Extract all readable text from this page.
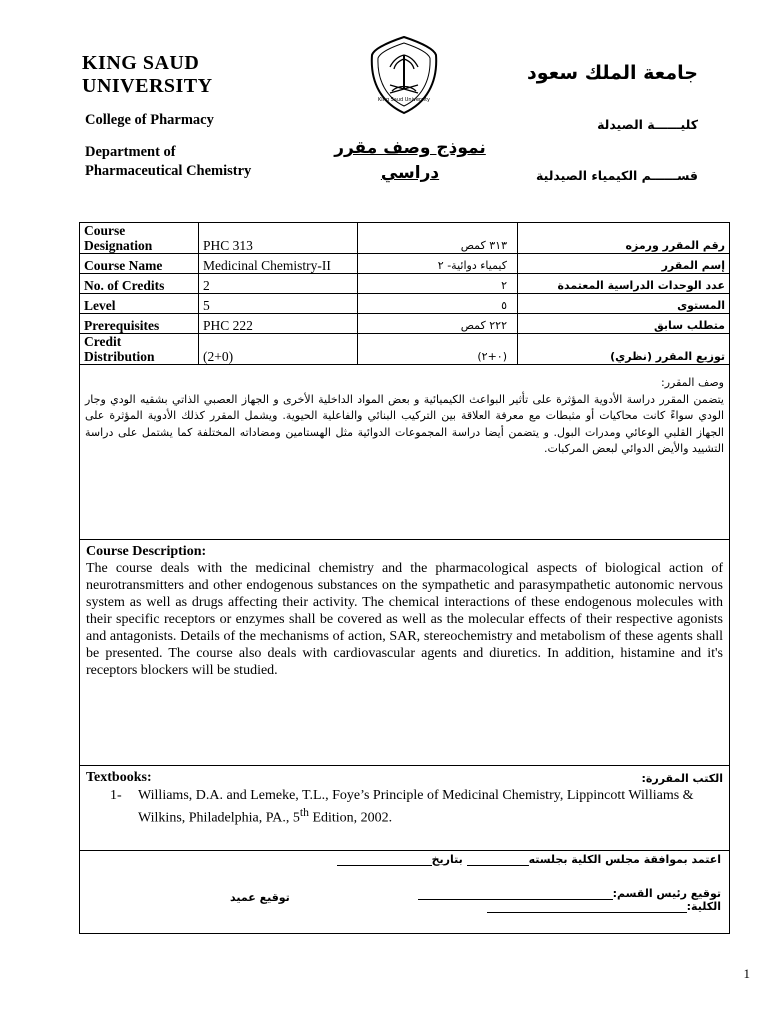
KING SAUD
UNIVERSITY
College of Pharmacy
Department of
Pharmaceutical Chemistry
King Saud University
نموذج وصف مقرر
دراسي
جامعة الملك سعود
كليــــــة الصيدلة
قســــــم الكيمياء الصيدلية
Course Designation	PHC 313	٣١٣ كمص	رقم المقرر ورمزه
Course Name	Medicinal Chemistry-II	كيمياء دوائية- ٢	إسم المقرر
No. of Credits	2	٢	عدد الوحدات الدراسية المعتمدة
Level	5	٥	المستوى
Prerequisites	PHC 222	٢٢٢ كمص	متطلب سابق
Credit Distribution	(2+0)	(٠+٢)	توزيع المقرر (نظري)
وصف المقرر:
يتضمن المقرر دراسة الأدوية المؤثرة على تأثير البواعث الكيميائية و بعض المواد الداخلية الأخرى و الجهاز العصبي الذاتي بشقيه الودي وجار الودي سواءً كانت محاكيات أو مثبطات مع معرفة العلاقة بين التركيب البنائي والفاعلية الحيوية. ويشمل المقرر كذلك الأدوية المؤثرة على الجهاز القلبي الوعائي ومدرات البول. و يتضمن أيضا دراسة المجموعات الدوائية مثل الهستامين ومضاداته المختلفة كما يشتمل على دراسة التشييد والأيض الدوائي لبعض المركبات.
Course Description:
The course deals with the medicinal chemistry and the pharmacological aspects of biological action of neurotransmitters and other endogenous substances on the sympathetic and parasympathetic autonomic nervous system as well as drugs affecting their activity. The chemical interactions of these endogenous molecules with their specific receptors or enzymes shall be covered as well as the molecular effects of their respective agonists and antagonists. Details of the mechanisms of action, SAR, stereochemistry and metabolism of these agents shall be presented. The course also deals with cardiovascular agents and diuretics. In addition, histamine and it's receptors blockers will be studied.
Textbooks:	الكتب المقررة:
1- Williams, D.A. and Lemeke, T.L., Foye’s Principle of Medicinal Chemistry, Lippincott Williams & Wilkins, Philadelphia, PA., 5th Edition, 2002.
اعتمد بموافقة مجلس الكلية بجلسته بتاريخ
توقيع رئيس القسم:
الكلية:
توقيع عميد
1
